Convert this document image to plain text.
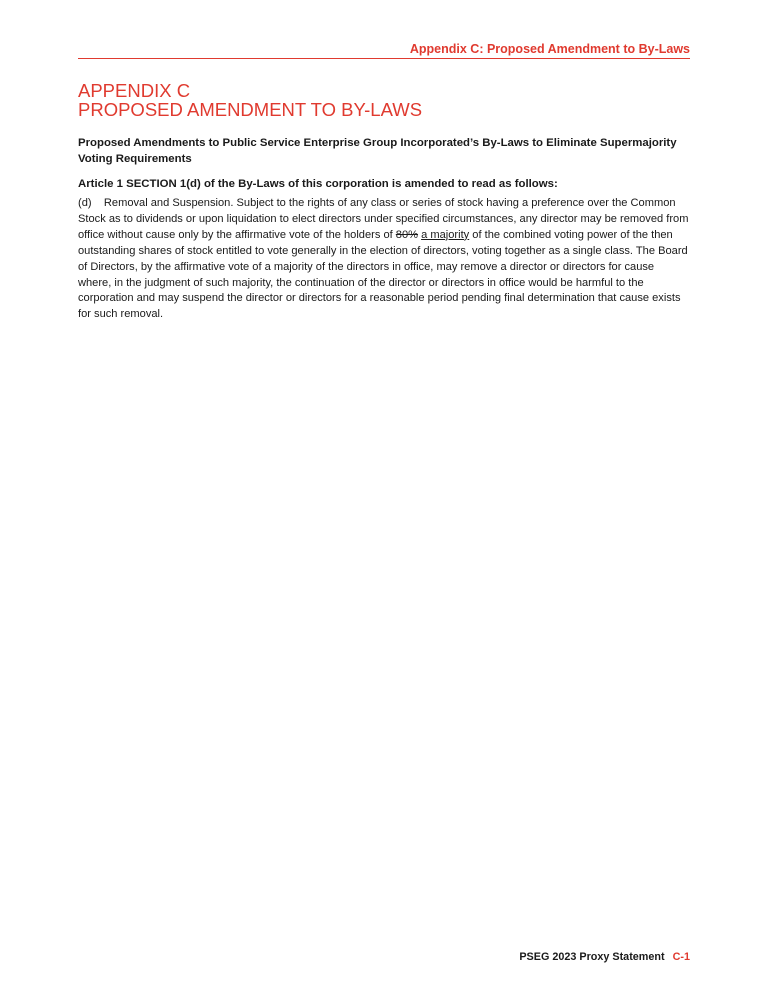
Appendix C: Proposed Amendment to By-Laws
APPENDIX C
PROPOSED AMENDMENT TO BY-LAWS

Proposed Amendments to Public Service Enterprise Group Incorporated’s By-Laws to Eliminate Supermajority Voting Requirements

Article 1 SECTION 1(d) of the By-Laws of this corporation is amended to read as follows:

(d) Removal and Suspension. Subject to the rights of any class or series of stock having a preference over the Common Stock as to dividends or upon liquidation to elect directors under specified circumstances, any director may be removed from office without cause only by the affirmative vote of the holders of 80% a majority of the combined voting power of the then outstanding shares of stock entitled to vote generally in the election of directors, voting together as a single class. The Board of Directors, by the affirmative vote of a majority of the directors in office, may remove a director or directors for cause where, in the judgment of such majority, the continuation of the director or directors in office would be harmful to the corporation and may suspend the director or directors for a reasonable period pending final determination that cause exists for such removal.

PSEG 2023 Proxy Statement C-1
